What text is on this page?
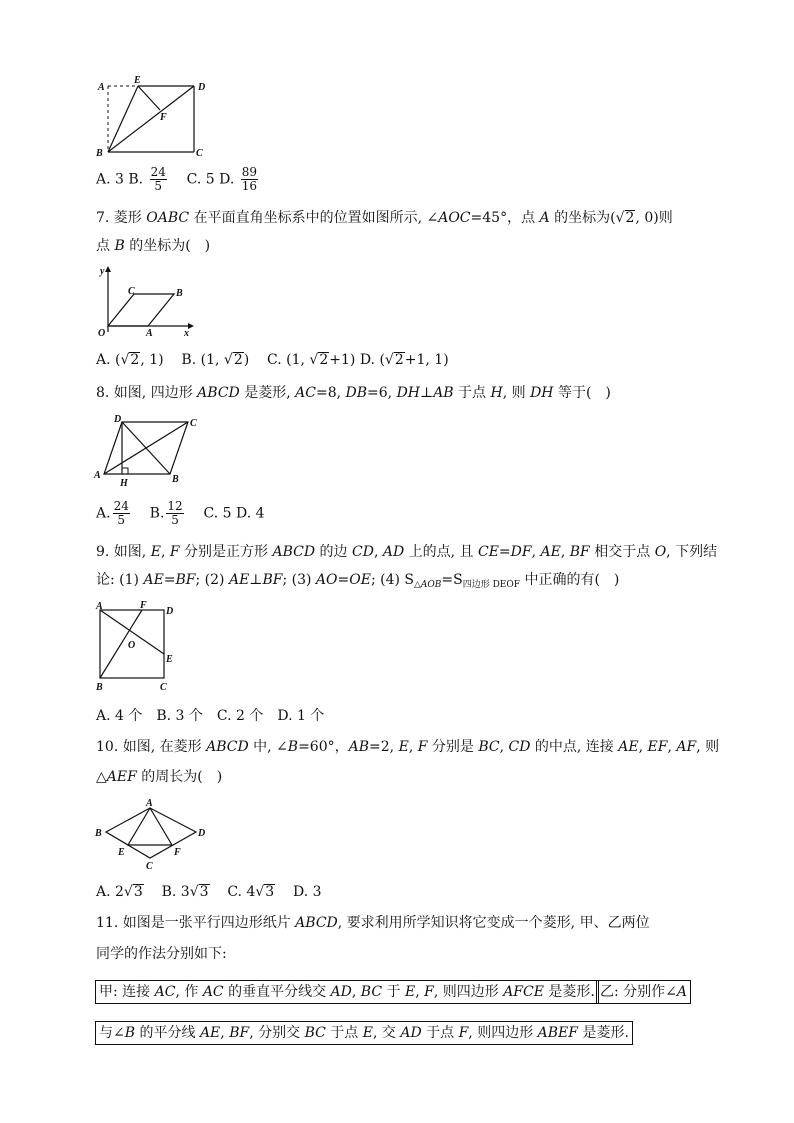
A
E
D
F
B	C
A. 3 B. $\frac{24}{5} C$. 5 D. $\frac{89}{16}$
7. 菱形 OABC 在平面直角坐标系中的位置如图所示, ∠AOC=45°，点 A 的坐标为(√2, 0)则
点 B 的坐标为(　)
y
x
O	A
B
C
A. (√2, 1) B. (1, √2) C. (1, √2+1) D. (√2+1, 1)
8. 如图, 四边形 ABCD 是菱形, AC=8, DB=6, DH⊥AB 于点 H, 则 DH 等于(　)
A	B
C
D
H
A. $\frac{24}{5} B$. $\frac{12}{5} C$. 5 D. 4
9. 如图, E, F 分别是正方形 ABCD 的边 CD, AD 上的点, 且 CE=DF, AE, BF 相交于点 O, 下列结
论: (1) AE=BF; (2) AE⊥BF; (3) AO=OE; (4) $S_{\triangle AOB}=S_{四边形 DEOF}$ 中正确的有(　)
A	F
D
O
E
B	C
A. 4 个　B. 3 个　C. 2 个　D. 1 个
10. 如图, 在菱形 ABCD 中, ∠B=60°，AB=2, E, F 分别是 BC, CD 的中点, 连接 AE, EF, AF, 则
△AEF 的周长为(　)
A
B	D
E	F
C
A. 2√3 B. 3√3 C. 4√3 D. 3
11. 如图是一张平行四边形纸片 ABCD, 要求利用所学知识将它变成一个菱形, 甲、乙两位
同学的作法分别如下:
甲: 连接 AC, 作 AC 的垂直平分线交 AD, BC 于 E, F, 则四边形 AFCE 是菱形. 乙: 分别作∠A
与∠B 的平分线 AE, BF, 分别交 BC 于点 E, 交 AD 于点 F, 则四边形 ABEF 是菱形.
